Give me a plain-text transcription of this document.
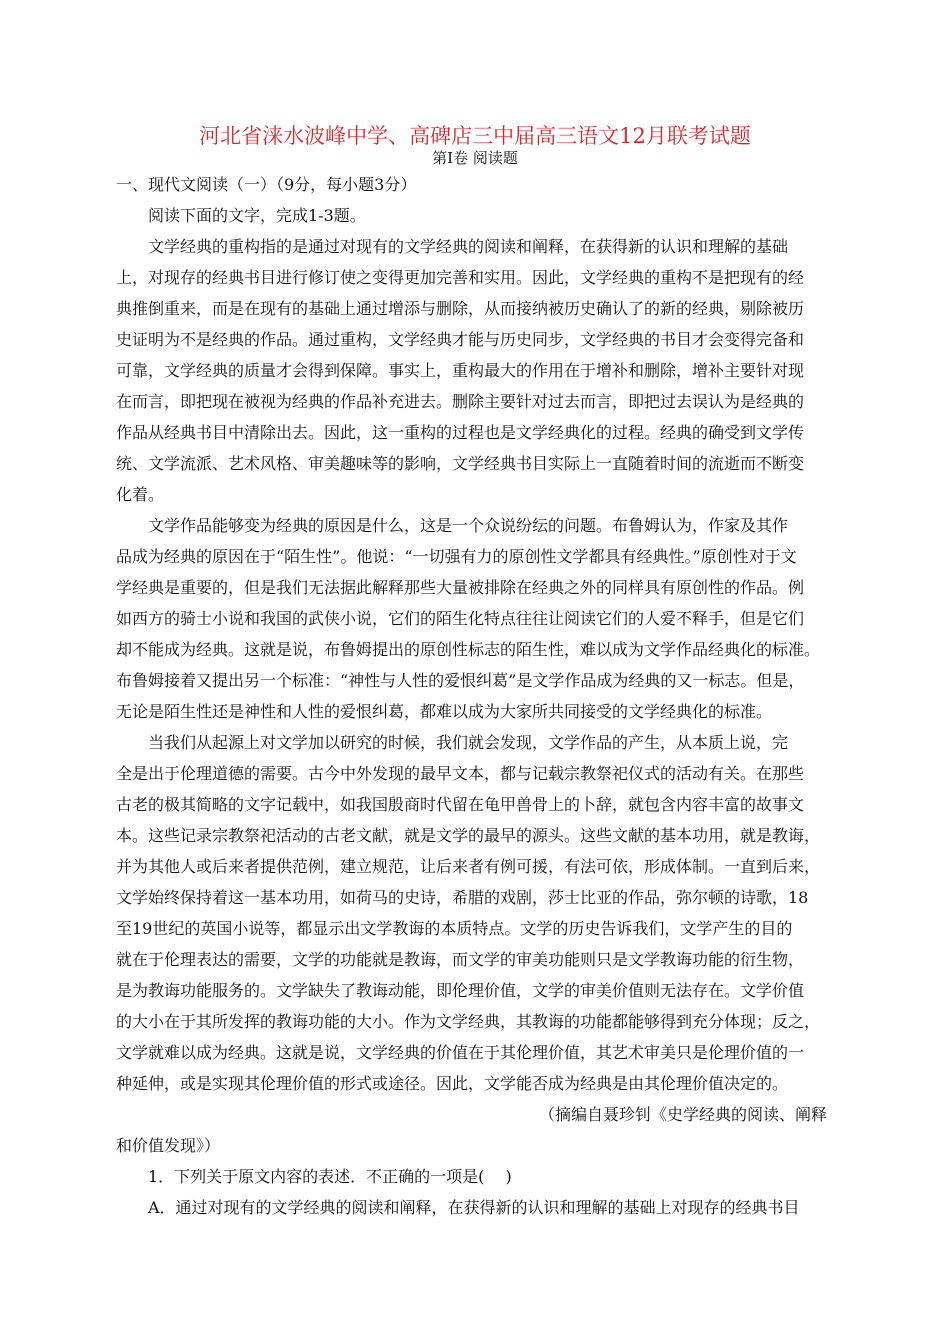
河北省涞水波峰中学、高碑店三中届高三语文12月联考试题
第Ⅰ卷 阅读题
一、现代文阅读（一）（9分，每小题3分）
阅读下面的文字，完成1-3题。
文学经典的重构指的是通过对现有的文学经典的阅读和阐释，在获得新的认识和理解的基础
上，对现存的经典书目进行修订使之变得更加完善和实用。因此，文学经典的重构不是把现有的经
典推倒重来，而是在现有的基础上通过增添与删除，从而接纳被历史确认了的新的经典，剔除被历
史证明为不是经典的作品。通过重构，文学经典才能与历史同步，文学经典的书目才会变得完备和
可靠，文学经典的质量才会得到保障。事实上，重构最大的作用在于增补和删除，增补主要针对现
在而言，即把现在被视为经典的作品补充进去。删除主要针对过去而言，即把过去误认为是经典的
作品从经典书目中清除出去。因此，这一重构的过程也是文学经典化的过程。经典的确受到文学传
统、文学流派、艺术风格、审美趣味等的影响，文学经典书目实际上一直随着时间的流逝而不断变
化着。
文学作品能够变为经典的原因是什么，这是一个众说纷纭的问题。布鲁姆认为，作家及其作
品成为经典的原因在于“陌生性”。他说：“一切强有力的原创性文学都具有经典性。”原创性对于文
学经典是重要的，但是我们无法据此解释那些大量被排除在经典之外的同样具有原创性的作品。例
如西方的骑士小说和我国的武侠小说，它们的陌生化特点往往让阅读它们的人爱不释手，但是它们
却不能成为经典。这就是说，布鲁姆提出的原创性标志的陌生性，难以成为文学作品经典化的标准。
布鲁姆接着又提出另一个标准：“神性与人性的爱恨纠葛”是文学作品成为经典的又一标志。但是，
无论是陌生性还是神性和人性的爱恨纠葛，都难以成为大家所共同接受的文学经典化的标准。
当我们从起源上对文学加以研究的时候，我们就会发现，文学作品的产生，从本质上说，完
全是出于伦理道德的需要。古今中外发现的最早文本，都与记载宗教祭祀仪式的活动有关。在那些
古老的极其简略的文字记载中，如我国殷商时代留在龟甲兽骨上的卜辞，就包含内容丰富的故事文
本。这些记录宗教祭祀活动的古老文献，就是文学的最早的源头。这些文献的基本功用，就是教诲，
并为其他人或后来者提供范例，建立规范，让后来者有例可援，有法可依，形成体制。一直到后来，
文学始终保持着这一基本功用，如荷马的史诗，希腊的戏剧，莎士比亚的作品，弥尔顿的诗歌，18
至19世纪的英国小说等，都显示出文学教诲的本质特点。文学的历史告诉我们，文学产生的目的
就在于伦理表达的需要，文学的功能就是教诲，而文学的审美功能则只是文学教诲功能的衍生物，
是为教诲功能服务的。文学缺失了教诲动能，即伦理价值，文学的审美价值则无法存在。文学价值
的大小在于其所发挥的教诲功能的大小。作为文学经典，其教诲的功能都能够得到充分体现；反之，
文学就难以成为经典。这就是说，文学经典的价值在于其伦理价值，其艺术审美只是伦理价值的一
种延伸，或是实现其伦理价值的形式或途径。因此，文学能否成为经典是由其伦理价值决定的。
（摘编自聂珍钊《史学经典的阅读、阐释
和价值发现》）
1．下列关于原文内容的表述．不正确的一项是(　 )
A．通过对现有的文学经典的阅读和阐释，在获得新的认识和理解的基础上对现存的经典书目
